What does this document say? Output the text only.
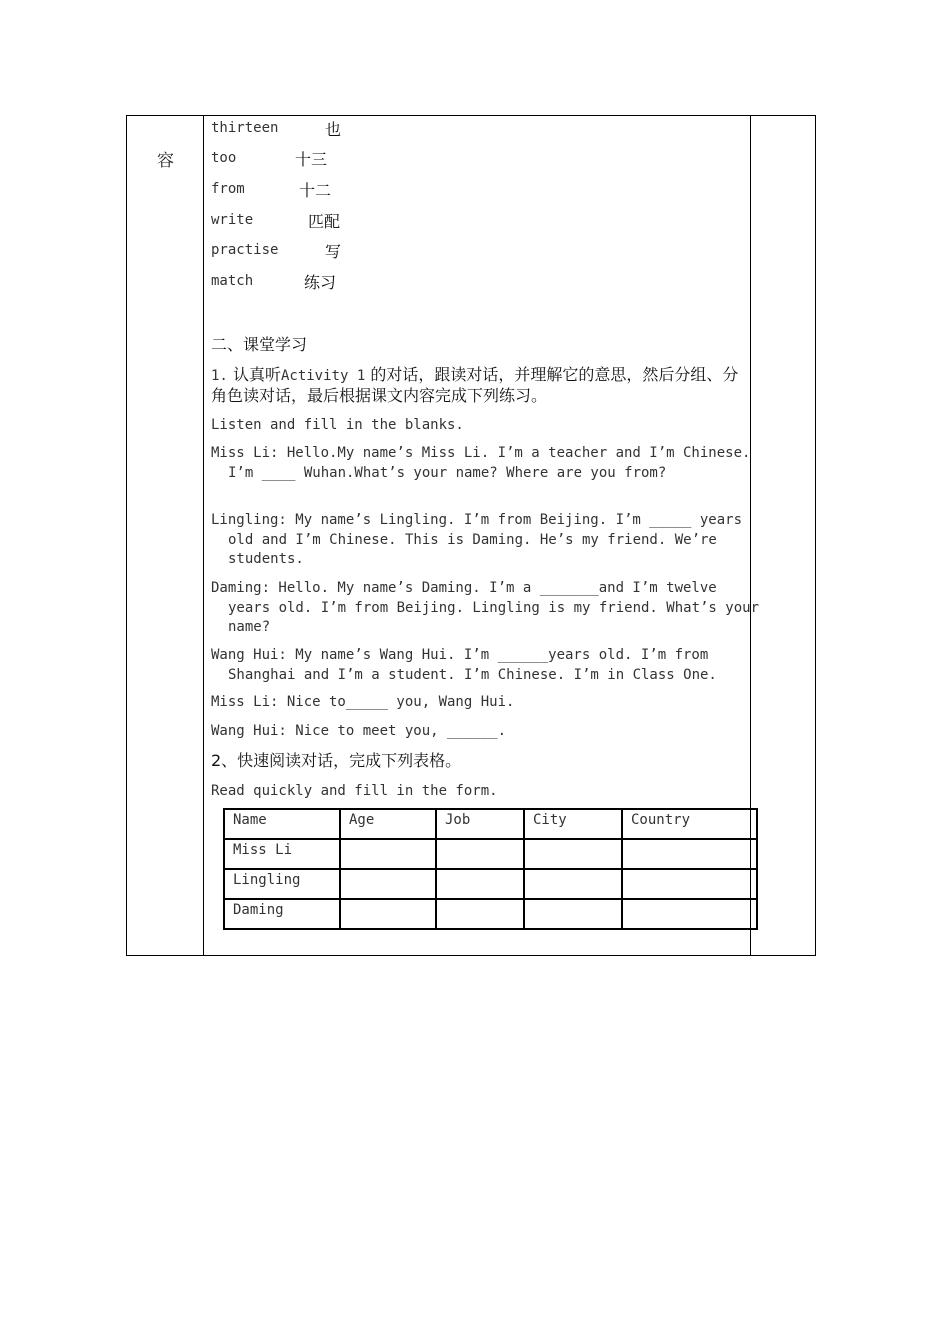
容
thirteen	也
too	十三
from	十二
write	匹配
practise	写
match	练习
二、课堂学习
1. 认真听Activity 1 的对话，跟读对话，并理解它的意思，然后分组、分角色读对话，最后根据课文内容完成下列练习。
Listen and fill in the blanks.
Miss Li: Hello.My name’s Miss Li. I’m a teacher and I’m Chinese. I’m ____ Wuhan.What’s your name? Where are you from?
Lingling: My name’s Lingling. I’m from Beijing. I’m _____ years old and I’m Chinese. This is Daming. He’s my friend. We’re students.
Daming: Hello. My name’s Daming. I’m a _______and I’m twelve years old. I’m from Beijing. Lingling is my friend. What’s your name?
Wang Hui: My name’s Wang Hui. I’m ______years old. I’m from Shanghai and I’m a student. I’m Chinese. I’m in Class One.
Miss Li: Nice to_____ you, Wang Hui.
Wang Hui: Nice to meet you, ______.
2、快速阅读对话，完成下列表格。
Read quickly and fill in the form.
Name	Age	Job	City	Country
Miss Li				
Lingling				
Daming				
